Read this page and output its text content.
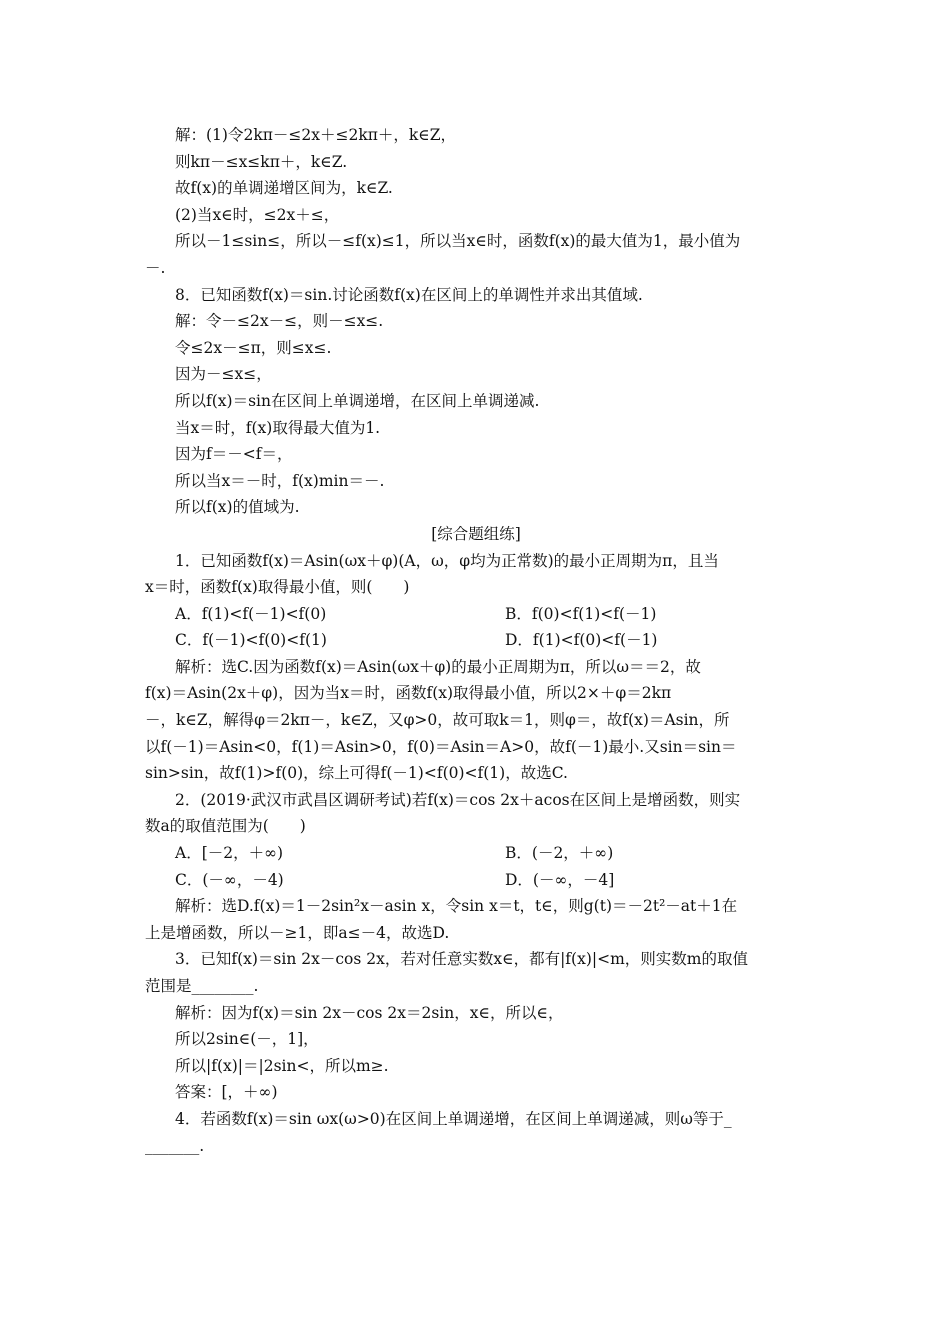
解：(1)令2kπ－≤2x＋≤2kπ＋，k∈Z，
则kπ－≤x≤kπ＋，k∈Z.
故f(x)的单调递增区间为，k∈Z.
(2)当x∈时，≤2x＋≤，
所以－1≤sin≤，所以－≤f(x)≤1，所以当x∈时，函数f(x)的最大值为1，最小值为
－.
8．已知函数f(x)＝sin.讨论函数f(x)在区间上的单调性并求出其值域.
解：令－≤2x－≤，则－≤x≤.
令≤2x－≤π，则≤x≤.
因为－≤x≤，
所以f(x)＝sin在区间上单调递增，在区间上单调递减.
当x＝时，f(x)取得最大值为1.
因为f＝－<f＝，
所以当x＝－时，f(x)min＝－.
所以f(x)的值域为.
[综合题组练]
1．已知函数f(x)＝Asin(ωx＋φ)(A，ω，φ均为正常数)的最小正周期为π，且当
x＝时，函数f(x)取得最小值，则(　　)
A．f(1)<f(－1)<f(0)	B．f(0)<f(1)<f(－1)
C．f(－1)<f(0)<f(1)	D．f(1)<f(0)<f(－1)
解析：选C.因为函数f(x)＝Asin(ωx＋φ)的最小正周期为π，所以ω＝＝2，故
f(x)＝Asin(2x＋φ)，因为当x＝时，函数f(x)取得最小值，所以2×＋φ＝2kπ
－，k∈Z，解得φ＝2kπ－，k∈Z，又φ>0，故可取k＝1，则φ＝，故f(x)＝Asin，所
以f(－1)＝Asin<0，f(1)＝Asin>0，f(0)＝Asin＝A>0，故f(－1)最小.又sin＝sin＝
sin>sin，故f(1)>f(0)，综上可得f(－1)<f(0)<f(1)，故选C.
2．(2019·武汉市武昌区调研考试)若f(x)＝cos 2x＋acos在区间上是增函数，则实
数a的取值范围为(　　)
A．[－2，＋∞)	B．(－2，＋∞)
C．(－∞，－4)	D．(－∞，－4]
解析：选D.f(x)＝1－2sin²x－asin x，令sin x＝t，t∈，则g(t)＝－2t²－at＋1在
上是增函数，所以－≥1，即a≤－4，故选D.
3．已知f(x)＝sin 2x－cos 2x，若对任意实数x∈，都有|f(x)|<m，则实数m的取值
范围是________.
解析：因为f(x)＝sin 2x－cos 2x＝2sin，x∈，所以∈，
所以2sin∈(－，1]，
所以|f(x)|＝|2sin<，所以m≥.
答案：[，＋∞)
4．若函数f(x)＝sin ωx(ω>0)在区间上单调递增，在区间上单调递减，则ω等于_
_______.
